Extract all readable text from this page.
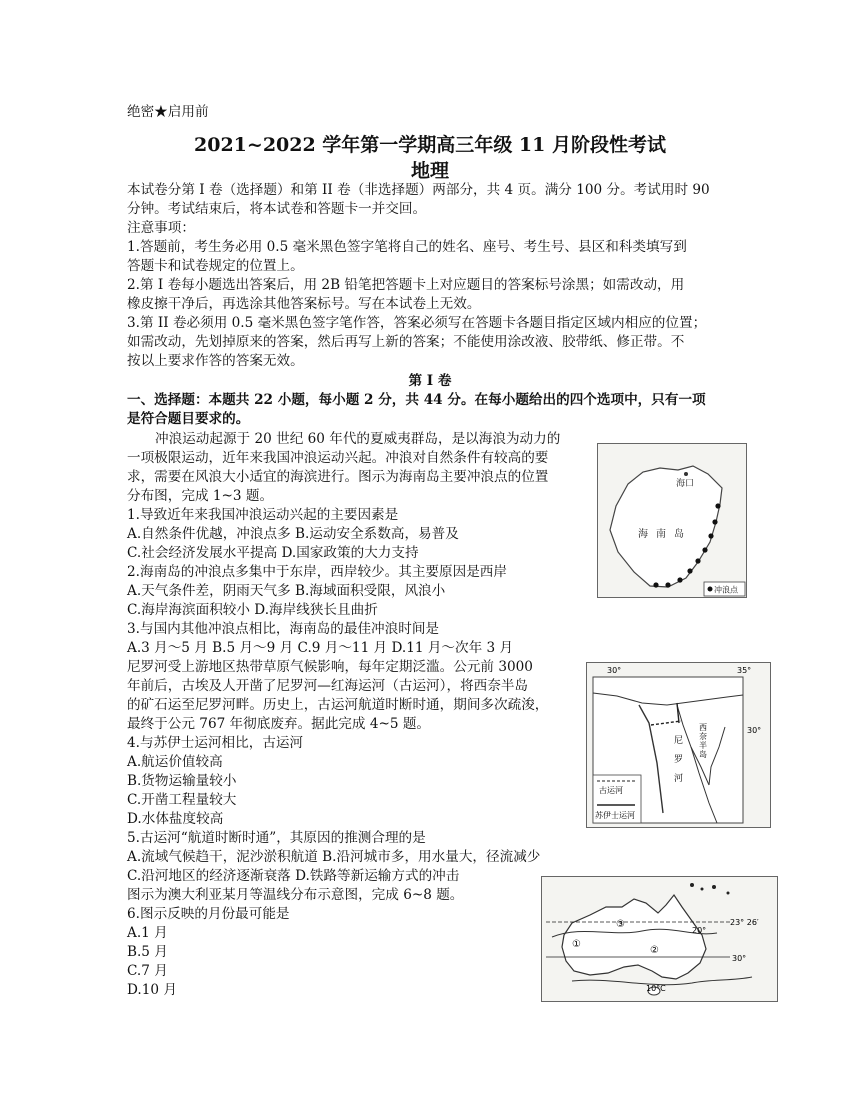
绝密★启用前
2021~2022 学年第一学期高三年级 11 月阶段性考试
地理
本试卷分第 I 卷（选择题）和第 II 卷（非选择题）两部分，共 4 页。满分 100 分。考试用时 90
分钟。考试结束后，将本试卷和答题卡一并交回。
注意事项：
1.答题前，考生务必用 0.5 毫米黑色签字笔将自己的姓名、座号、考生号、县区和科类填写到
答题卡和试卷规定的位置上。
2.第 I 卷每小题选出答案后，用 2B 铅笔把答题卡上对应题目的答案标号涂黑；如需改动，用
橡皮擦干净后，再选涂其他答案标号。写在本试卷上无效。
3.第 II 卷必须用 0.5 毫米黑色签字笔作答，答案必须写在答题卡各题目指定区域内相应的位置；
如需改动，先划掉原来的答案，然后再写上新的答案；不能使用涂改液、胶带纸、修正带。不
按以上要求作答的答案无效。
第 I 卷
一、选择题：本题共 22 小题，每小题 2 分，共 44 分。在每小题给出的四个选项中，只有一项
是符合题目要求的。
冲浪运动起源于 20 世纪 60 年代的夏威夷群岛，是以海浪为动力的
一项极限运动，近年来我国冲浪运动兴起。冲浪对自然条件有较高的要
求，需要在风浪大小适宜的海滨进行。图示为海南岛主要冲浪点的位置
分布图，完成 1~3 题。
1.导致近年来我国冲浪运动兴起的主要因素是
A.自然条件优越，冲浪点多 B.运动安全系数高，易普及
C.社会经济发展水平提高 D.国家政策的大力支持
2.海南岛的冲浪点多集中于东岸，西岸较少。其主要原因是西岸
A.天气条件差，阴雨天气多 B.海域面积受限，风浪小
C.海岸海滨面积较小 D.海岸线狭长且曲折
3.与国内其他冲浪点相比，海南岛的最佳冲浪时间是
A.3 月～5 月 B.5 月～9 月 C.9 月～11 月 D.11 月～次年 3 月
尼罗河受上游地区热带草原气候影响，每年定期泛滥。公元前 3000
年前后，古埃及人开凿了尼罗河—红海运河（古运河），将西奈半岛
的矿石运至尼罗河畔。历史上，古运河航道时断时通，期间多次疏浚，
最终于公元 767 年彻底废弃。据此完成 4~5 题。
4.与苏伊士运河相比，古运河
A.航运价值较高
B.货物运输量较小
C.开凿工程量较大
D.水体盐度较高
5.古运河“航道时断时通”，其原因的推测合理的是
A.流域气候趋干，泥沙淤积航道 B.沿河城市多，用水量大，径流减少
C.沿河地区的经济逐渐衰落 D.铁路等新运输方式的冲击
图示为澳大利亚某月等温线分布示意图，完成 6~8 题。
6.图示反映的月份最可能是
A.1 月
B.5 月
C.7 月
D.10 月
海口
海南岛
冲浪点
30°	35°
30°
西奈半岛
尼罗河
古运河
苏伊士运河
23° 26′
30°
20°
10°C
①
②
③
